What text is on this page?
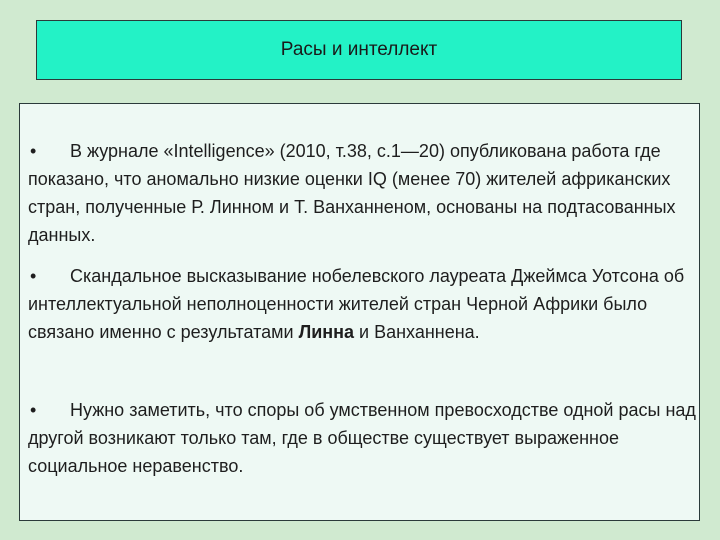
Расы и интеллект
• В журнале «Intelligence» (2010, т.38, с.1—20) опубликована работа где показано, что аномально низкие оценки IQ (менее 70) жителей африканских стран, полученные Р. Линном и Т. Ванханненом, основаны на подтасованных данных.
• Скандальное высказывание нобелевского лауреата Джеймса Уотсона об интеллектуальной неполноценности жителей стран Черной Африки было связано именно с результатами Линна и Ванханнена.
• Нужно заметить, что споры об умственном превосходстве одной расы над другой возникают только там, где в обществе существует выраженное социальное неравенство.
